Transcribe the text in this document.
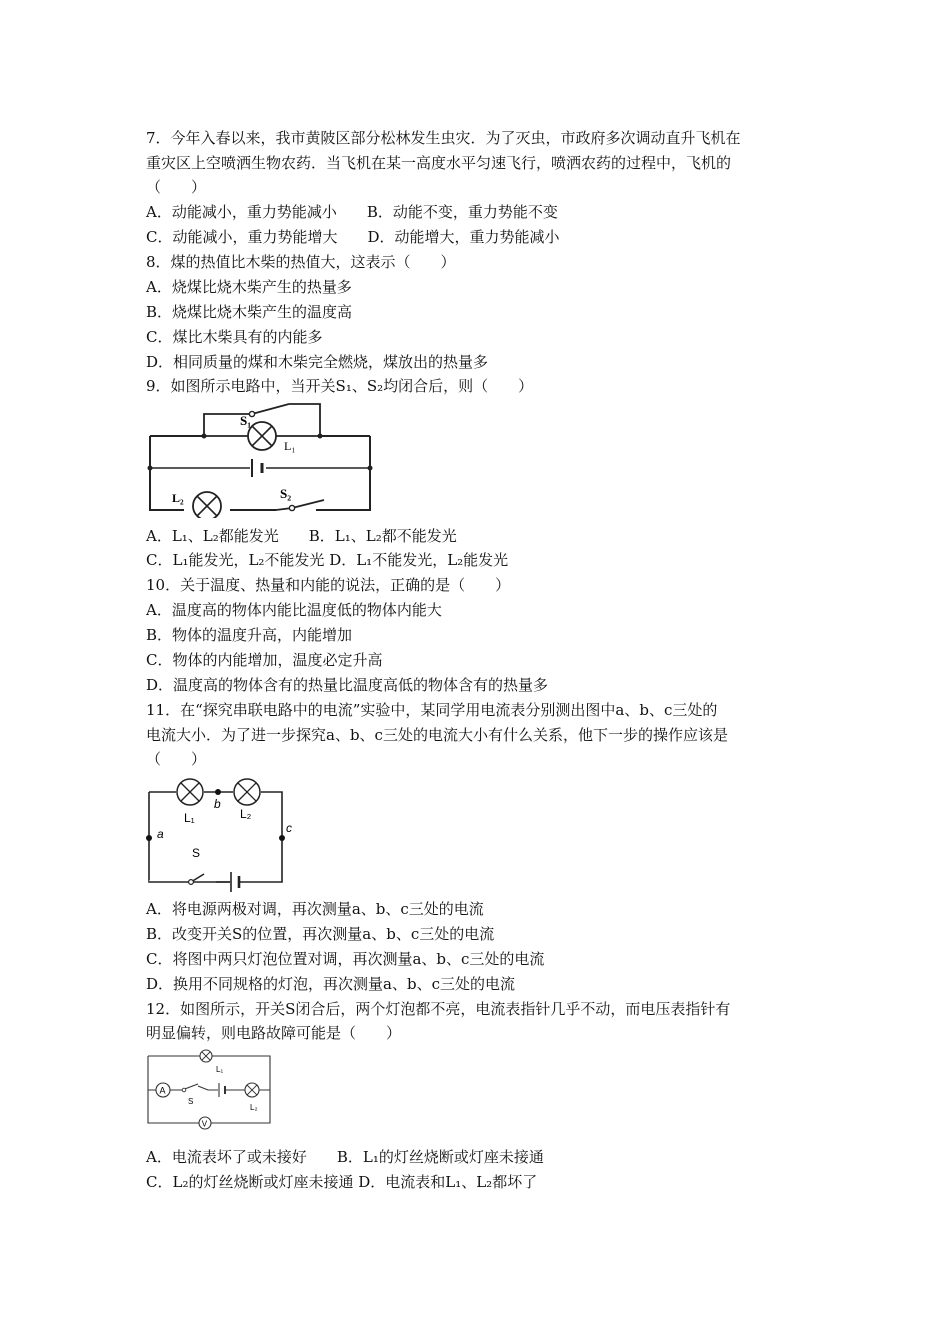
7．今年入春以来，我市黄陂区部分松林发生虫灾．为了灭虫，市政府多次调动直升飞机在
重灾区上空喷洒生物农药．当飞机在某一高度水平匀速飞行，喷洒农药的过程中，飞机的
（　　）
A．动能减小，重力势能减小　　B．动能不变，重力势能不变
C．动能减小，重力势能增大　　D．动能增大，重力势能减小
8．煤的热值比木柴的热值大，这表示（　　）
A．烧煤比烧木柴产生的热量多
B．烧煤比烧木柴产生的温度高
C．煤比木柴具有的内能多
D．相同质量的煤和木柴完全燃烧，煤放出的热量多
9．如图所示电路中，当开关S₁、S₂均闭合后，则（　　）
S₁
L₁
L₂	S₂
A．L₁、L₂都能发光　　B．L₁、L₂都不能发光
C．L₁能发光，L₂不能发光 D．L₁不能发光，L₂能发光
10．关于温度、热量和内能的说法，正确的是（　　）
A．温度高的物体内能比温度低的物体内能大
B．物体的温度升高，内能增加
C．物体的内能增加，温度必定升高
D．温度高的物体含有的热量比温度高低的物体含有的热量多
11．在“探究串联电路中的电流”实验中，某同学用电流表分别测出图中a、b、c三处的
电流大小．为了进一步探究a、b、c三处的电流大小有什么关系，他下一步的操作应该是
（　　）
L₁	L₂
b
a	c
S
A．将电源两极对调，再次测量a、b、c三处的电流
B．改变开关S的位置，再次测量a、b、c三处的电流
C．将图中两只灯泡位置对调，再次测量a、b、c三处的电流
D．换用不同规格的灯泡，再次测量a、b、c三处的电流
12．如图所示，开关S闭合后，两个灯泡都不亮，电流表指针几乎不动，而电压表指针有
明显偏转，则电路故障可能是（　　）
A
V
L₁
S
L₂
A．电流表坏了或未接好　　B．L₁的灯丝烧断或灯座未接通
C．L₂的灯丝烧断或灯座未接通 D．电流表和L₁、L₂都坏了
